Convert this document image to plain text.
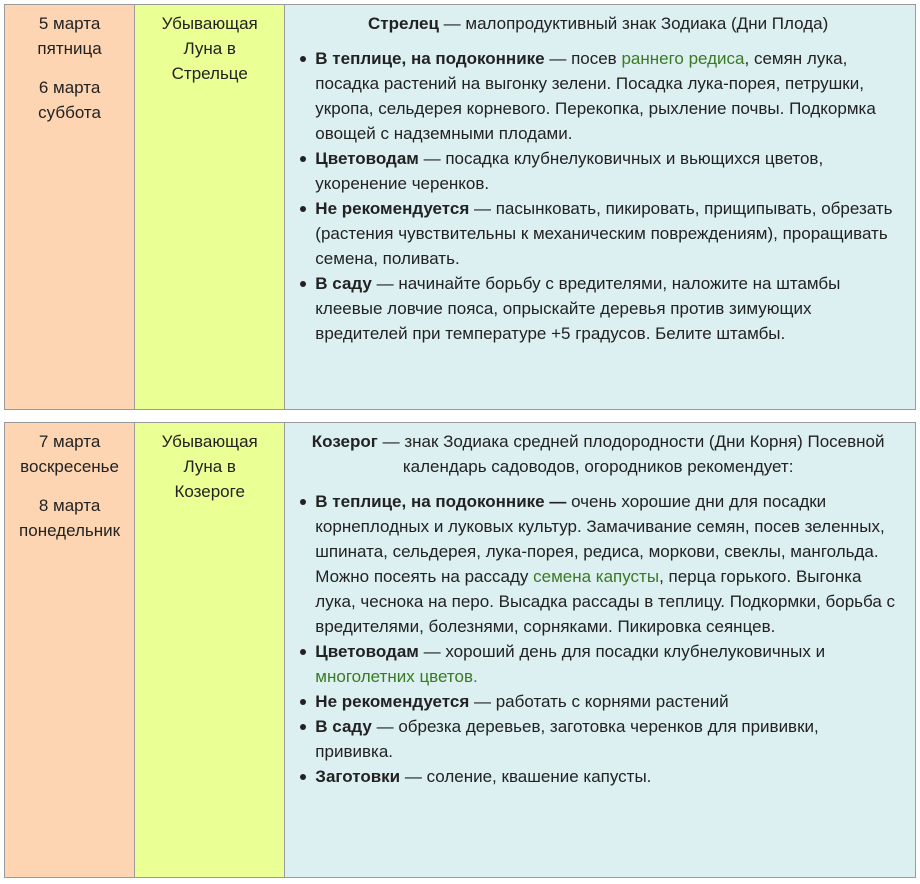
5 марта
пятница
6 марта
суббота

Убывающая
Луна в
Стрельце

Стрелец — малопродуктивный знак Зодиака (Дни Плода)
В теплице, на подоконнике — посев раннего редиса, семян лука, посадка растений на выгонку зелени. Посадка лука-порея, петрушки, укропа, сельдерея корневого. Перекопка, рыхление почвы. Подкормка овощей с надземными плодами.
Цветоводам — посадка клубнелуковичных и вьющихся цветов, укоренение черенков.
Не рекомендуется — пасынковать, пикировать, прищипывать, обрезать (растения чувствительны к механическим повреждениям), проращивать семена, поливать.
В саду — начинайте борьбу с вредителями, наложите на штамбы клеевые ловчие пояса, опрыскайте деревья против зимующих вредителей при температуре +5 градусов. Белите штамбы.
7 марта
воскресенье
8 марта
понедельник

Убывающая
Луна в
Козероге

Козерог — знак Зодиака средней плодородности (Дни Корня) Посевной календарь садоводов, огородников рекомендует:
В теплице, на подоконнике — очень хорошие дни для посадки корнеплодных и луковых культур. Замачивание семян, посев зеленных, шпината, сельдерея, лука-порея, редиса, моркови, свеклы, мангольда. Можно посеять на рассаду семена капусты, перца горького. Выгонка лука, чеснока на перо. Высадка рассады в теплицу. Подкормки, борьба с вредителями, болезнями, сорняками. Пикировка сеянцев.
Цветоводам — хороший день для посадки клубнелуковичных и многолетних цветов.
Не рекомендуется — работать с корнями растений
В саду — обрезка деревьев, заготовка черенков для прививки, прививка.
Заготовки — соление, квашение капусты.
